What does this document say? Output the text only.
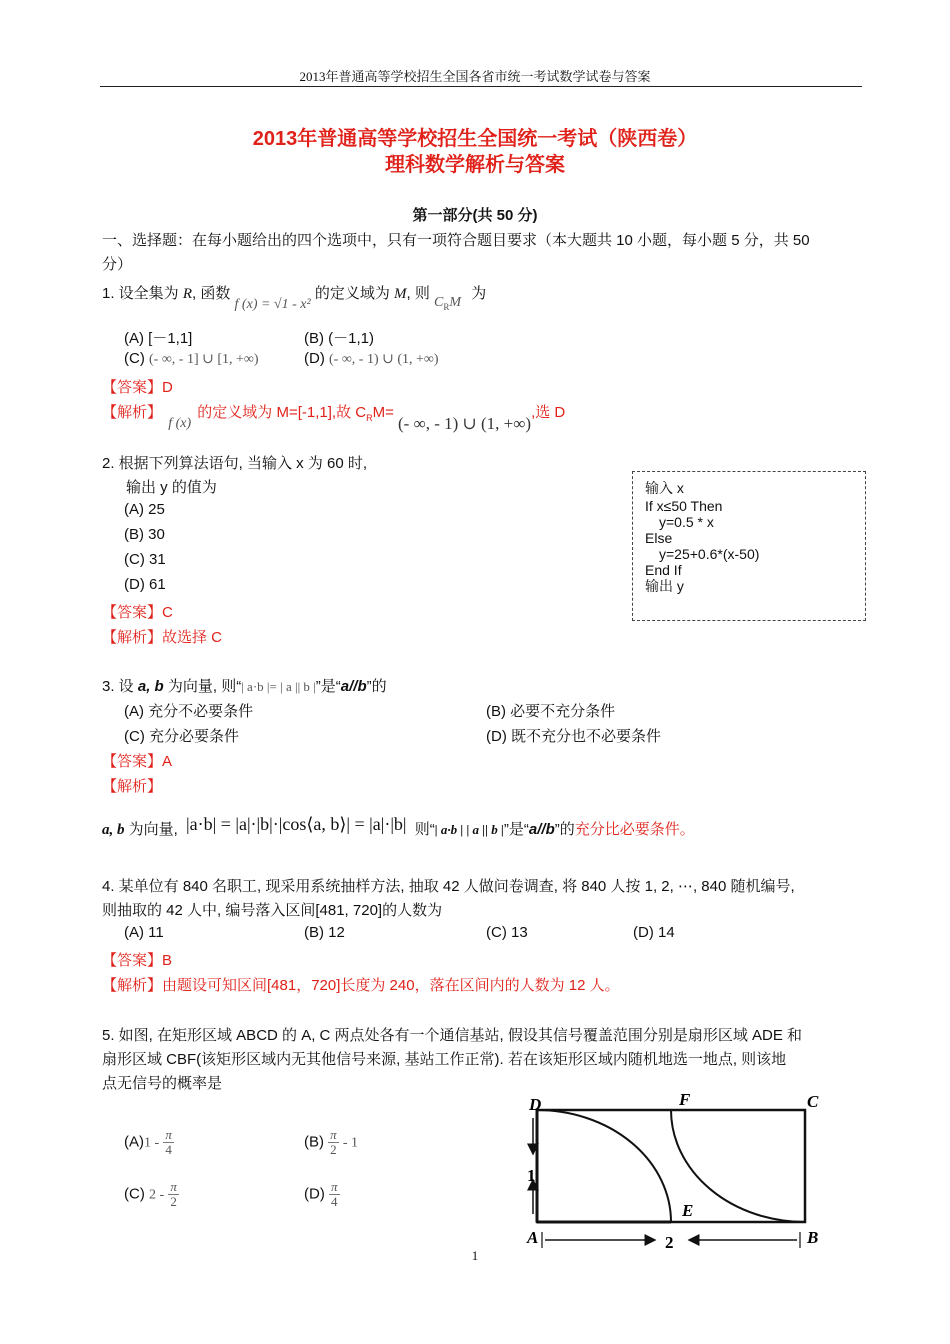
2013年普通高等学校招生全国各省市统一考试数学试卷与答案
2013年普通高等学校招生全国统一考试（陕西卷）
理科数学解析与答案
第一部分(共 50 分)
一、选择题：在每小题给出的四个选项中，只有一项符合题目要求（本大题共 10 小题，每小题 5 分，共 50
分）
1. 设全集为 R, 函数 f (x) = √1 - x² 的定义域为 M, 则 $C_RM$ 为
(A) [－1,1]	(B) (－1,1)
(C) (- ∞, - 1] ∪ [1, +∞)	(D) (- ∞, - 1) ∪ (1, +∞)
【答案】D
【解析】 f (x) 的定义域为 M=[-1,1],故 $C_RM=$ (- ∞, - 1) ∪ (1, +∞),选 D
2. 根据下列算法语句, 当输入 x 为 60 时,
输出 y 的值为
(A) 25
(B) 30
(C) 31
(D) 61
【答案】C
【解析】故选择 C
输入 x
If x≤50 Then
y=0.5 * x
Else
y=25+0.6*(x-50)
End If
输出 y
3. 设 a, b 为向量, 则“| a·b |= | a || b |”是“a//b”的
(A) 充分不必要条件	(B) 必要不充分条件
(C) 充分必要条件	(D) 既不充分也不必要条件
【答案】A
【解析】
a, b 为向量, |a·b| = |a|·|b|·|cos⟨a, b⟩| = |a|·|b| 则“| a·b | | a || b |”是“a//b”的充分比必要条件。
4. 某单位有 840 名职工, 现采用系统抽样方法, 抽取 42 人做问卷调查, 将 840 人按 1, 2, ⋯, 840 随机编号,
则抽取的 42 人中, 编号落入区间[481, 720]的人数为
(A) 11	(B) 12	(C) 13	(D) 14
【答案】B
【解析】由题设可知区间[481，720]长度为 240，落在区间内的人数为 12 人。
5. 如图, 在矩形区域 ABCD 的 A, C 两点处各有一个通信基站, 假设其信号覆盖范围分别是扇形区域 ADE 和
扇形区域 CBF(该矩形区域内无其他信号来源, 基站工作正常). 若在该矩形区域内随机地选一地点, 则该地
点无信号的概率是
$(A)1 - \frac{\pi}{4}$	$(B) \frac{\pi}{2} - 1$
(C) $2 - \frac{\pi}{2}$	$(D) \frac{\pi}{4}$
D	F	C
A	B
E
1
2
1
